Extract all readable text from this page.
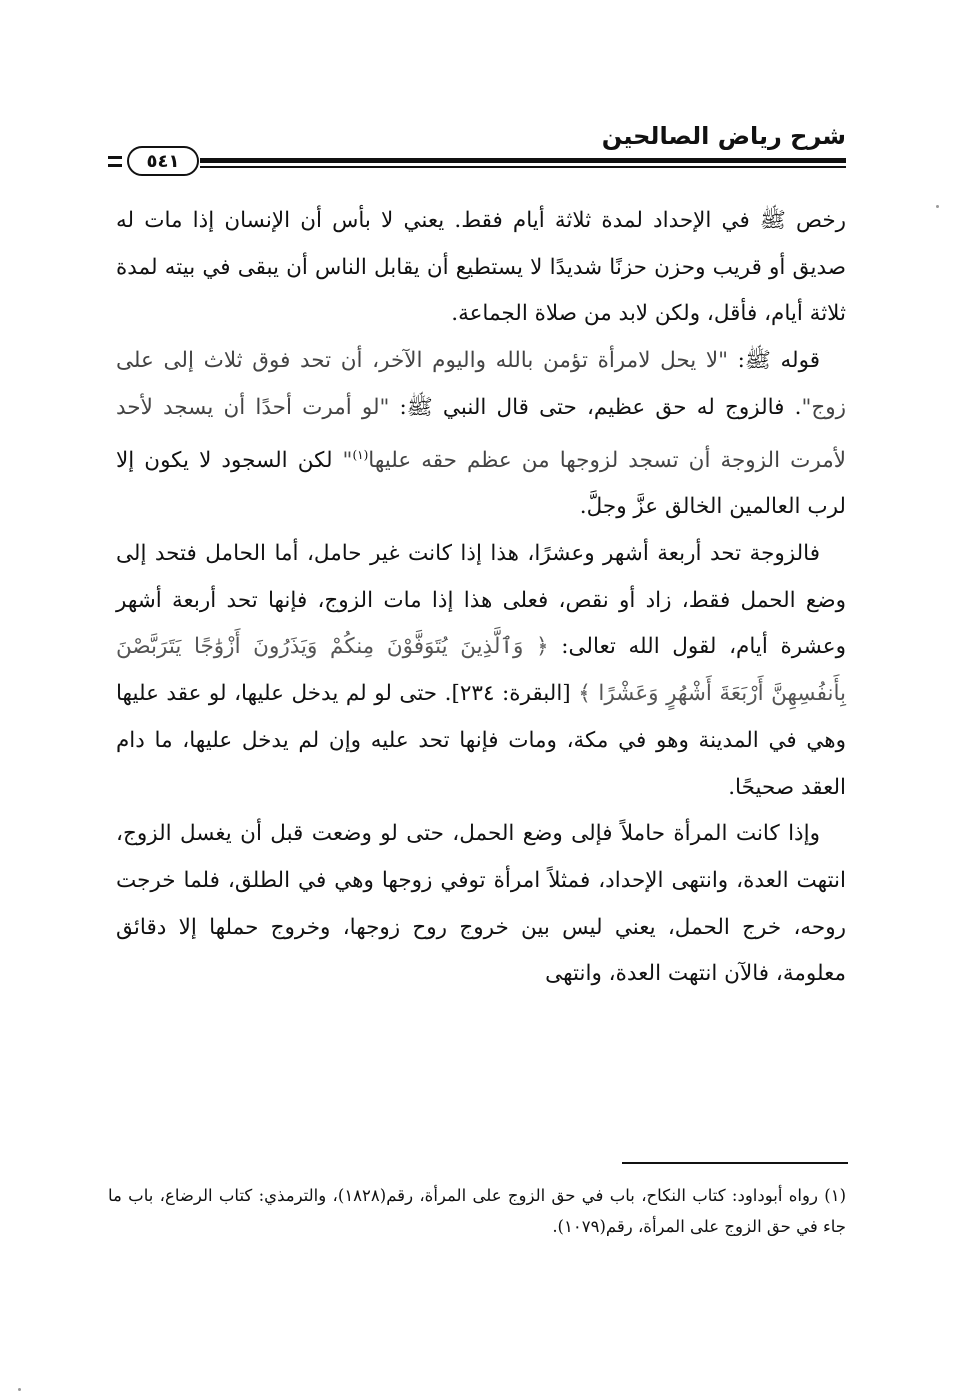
شرح رياض الصالحين
٥٤١

رخص ﷺ في الإحداد لمدة ثلاثة أيام فقط. يعني لا بأس أن الإنسان إذا مات له صديق أو قريب وحزن حزنًا شديدًا لا يستطيع أن يقابل الناس أن يبقى في بيته لمدة ثلاثة أيام، فأقل، ولكن لابد من صلاة الجماعة.

قوله ﷺ: "لا يحل لامرأة تؤمن بالله واليوم الآخر، أن تحد فوق ثلاث إلى على زوج". فالزوج له حق عظيم، حتى قال النبي ﷺ: "لو أمرت أحدًا أن يسجد لأحد لأمرت الزوجة أن تسجد لزوجها من عظم حقه عليها$^{(١)}$" لكن السجود لا يكون إلا لرب العالمين الخالق عزَّ وجلَّ.

فالزوجة تحد أربعة أشهر وعشرًا، هذا إذا كانت غير حامل، أما الحامل فتحد إلى وضع الحمل فقط، زاد أو نقص، فعلى هذا إذا مات الزوج، فإنها تحد أربعة أشهر وعشرة أيام، لقول الله تعالى: ﴿ وَٱلَّذِينَ يُتَوَفَّوْنَ مِنكُمْ وَيَذَرُونَ أَزْوَٰجًا يَتَرَبَّصْنَ بِأَنفُسِهِنَّ أَرْبَعَةَ أَشْهُرٍ وَعَشْرًا ﴾ [البقرة: ٢٣٤]. حتى لو لم يدخل عليها، لو عقد عليها وهي في المدينة وهو في مكة، ومات فإنها تحد عليه وإن لم يدخل عليها، ما دام العقد صحيحًا.

وإذا كانت المرأة حاملاً فإلى وضع الحمل، حتى لو وضعت قبل أن يغسل الزوج، انتهت العدة، وانتهى الإحداد، فمثلاً امرأة توفي زوجها وهي في الطلق، فلما خرجت روحه، خرج الحمل، يعني ليس بين خروج روح زوجها، وخروج حملها إلا دقائق معلومة، فالآن انتهت العدة، وانتهى

(١) رواه أبوداود: كتاب النكاح، باب في حق الزوج على المرأة، رقم(١٨٢٨)، والترمذي: كتاب الرضاع، باب ما جاء في حق الزوج على المرأة، رقم(١٠٧٩).
